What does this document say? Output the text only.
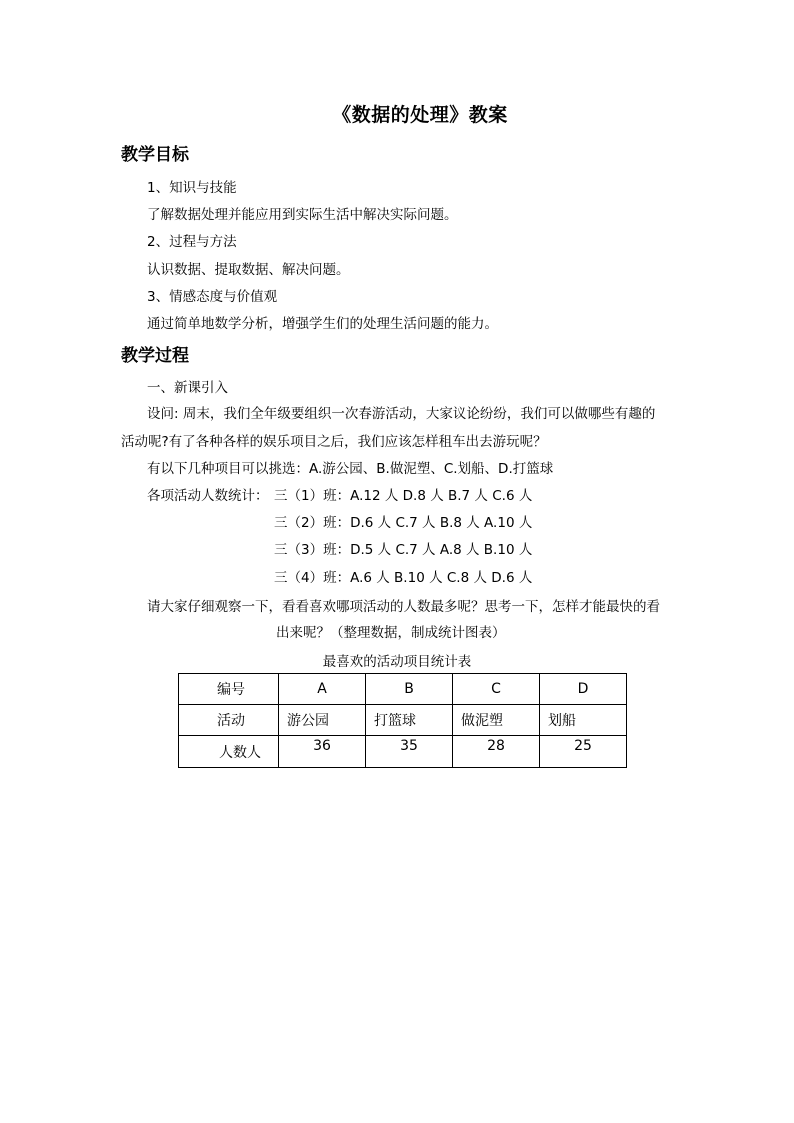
《数据的处理》教案
教学目标
1、知识与技能
了解数据处理并能应用到实际生活中解决实际问题。
2、过程与方法
认识数据、提取数据、解决问题。
3、情感态度与价值观
通过简单地数学分析，增强学生们的处理生活问题的能力。
教学过程
一、新课引入
设问: 周末，我们全年级要组织一次春游活动，大家议论纷纷，我们可以做哪些有趣的
活动呢?有了各种各样的娱乐项目之后，我们应该怎样租车出去游玩呢？
有以下几种项目可以挑选：A.游公园、B.做泥塑、C.划船、D.打篮球
各项活动人数统计： 三（1）班：A.12 人 D.8 人 B.7 人 C.6 人
三（2）班：D.6 人 C.7 人 B.8 人 A.10 人
三（3）班：D.5 人 C.7 人 A.8 人 B.10 人
三（4）班：A.6 人 B.10 人 C.8 人 D.6 人
请大家仔细观察一下，看看喜欢哪项活动的人数最多呢？思考一下，怎样才能最快的看
出来呢？（整理数据，制成统计图表）
最喜欢的活动项目统计表
编号	A	B	C	D
活动	游公园	打篮球	做泥塑	划船
人数人	36	35	28	25
